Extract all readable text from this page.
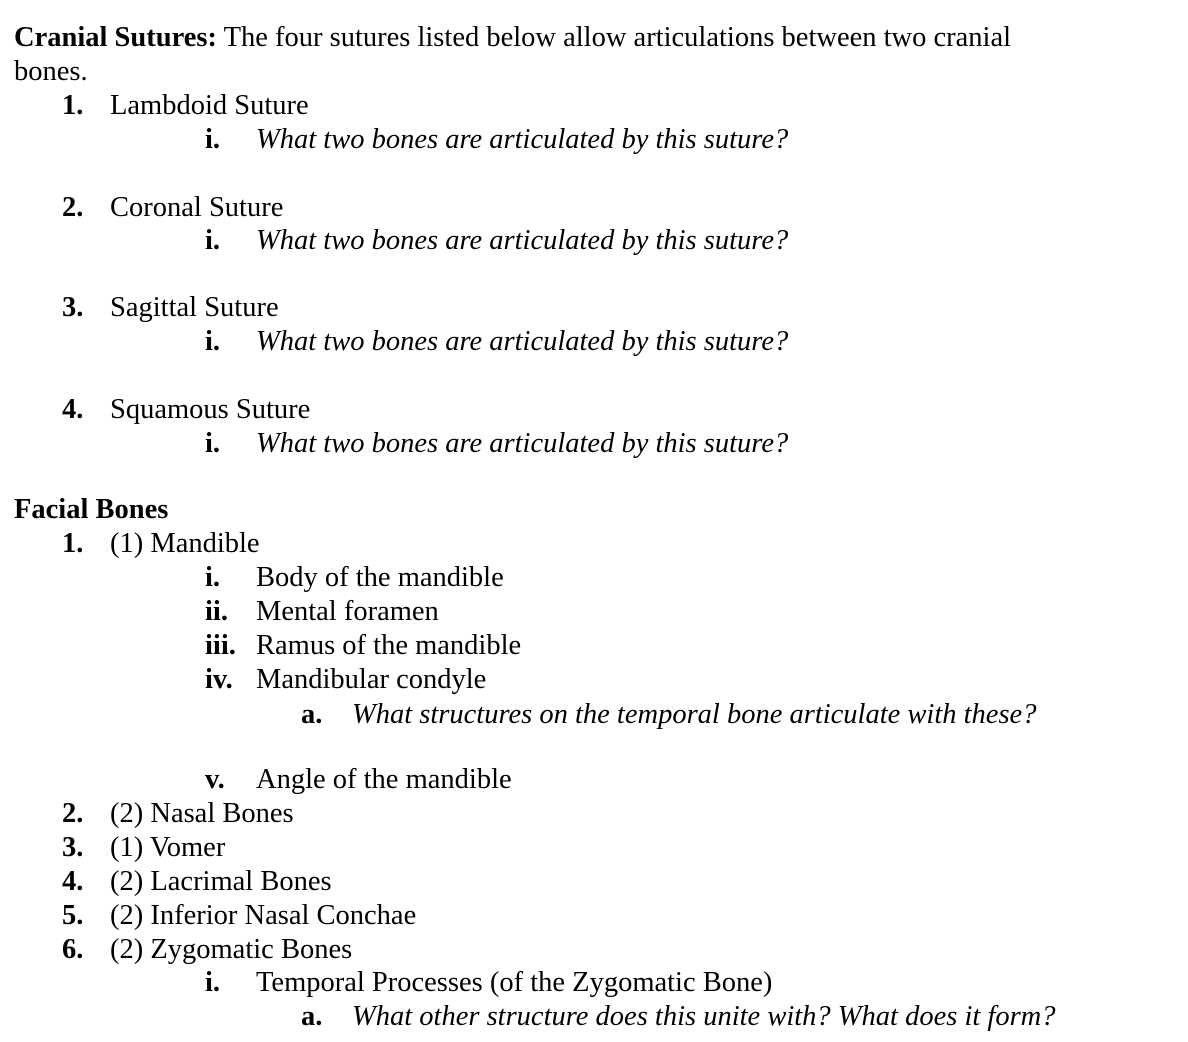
Cranial Sutures: The four sutures listed below allow articulations between two cranial
bones.
1. Lambdoid Suture
i. What two bones are articulated by this suture?
2. Coronal Suture
i. What two bones are articulated by this suture?
3. Sagittal Suture
i. What two bones are articulated by this suture?
4. Squamous Suture
i. What two bones are articulated by this suture?
Facial Bones
1. (1) Mandible
i. Body of the mandible
ii. Mental foramen
iii. Ramus of the mandible
iv. Mandibular condyle
a. What structures on the temporal bone articulate with these?
v. Angle of the mandible
2. (2) Nasal Bones
3. (1) Vomer
4. (2) Lacrimal Bones
5. (2) Inferior Nasal Conchae
6. (2) Zygomatic Bones
i. Temporal Processes (of the Zygomatic Bone)
a. What other structure does this unite with? What does it form?
